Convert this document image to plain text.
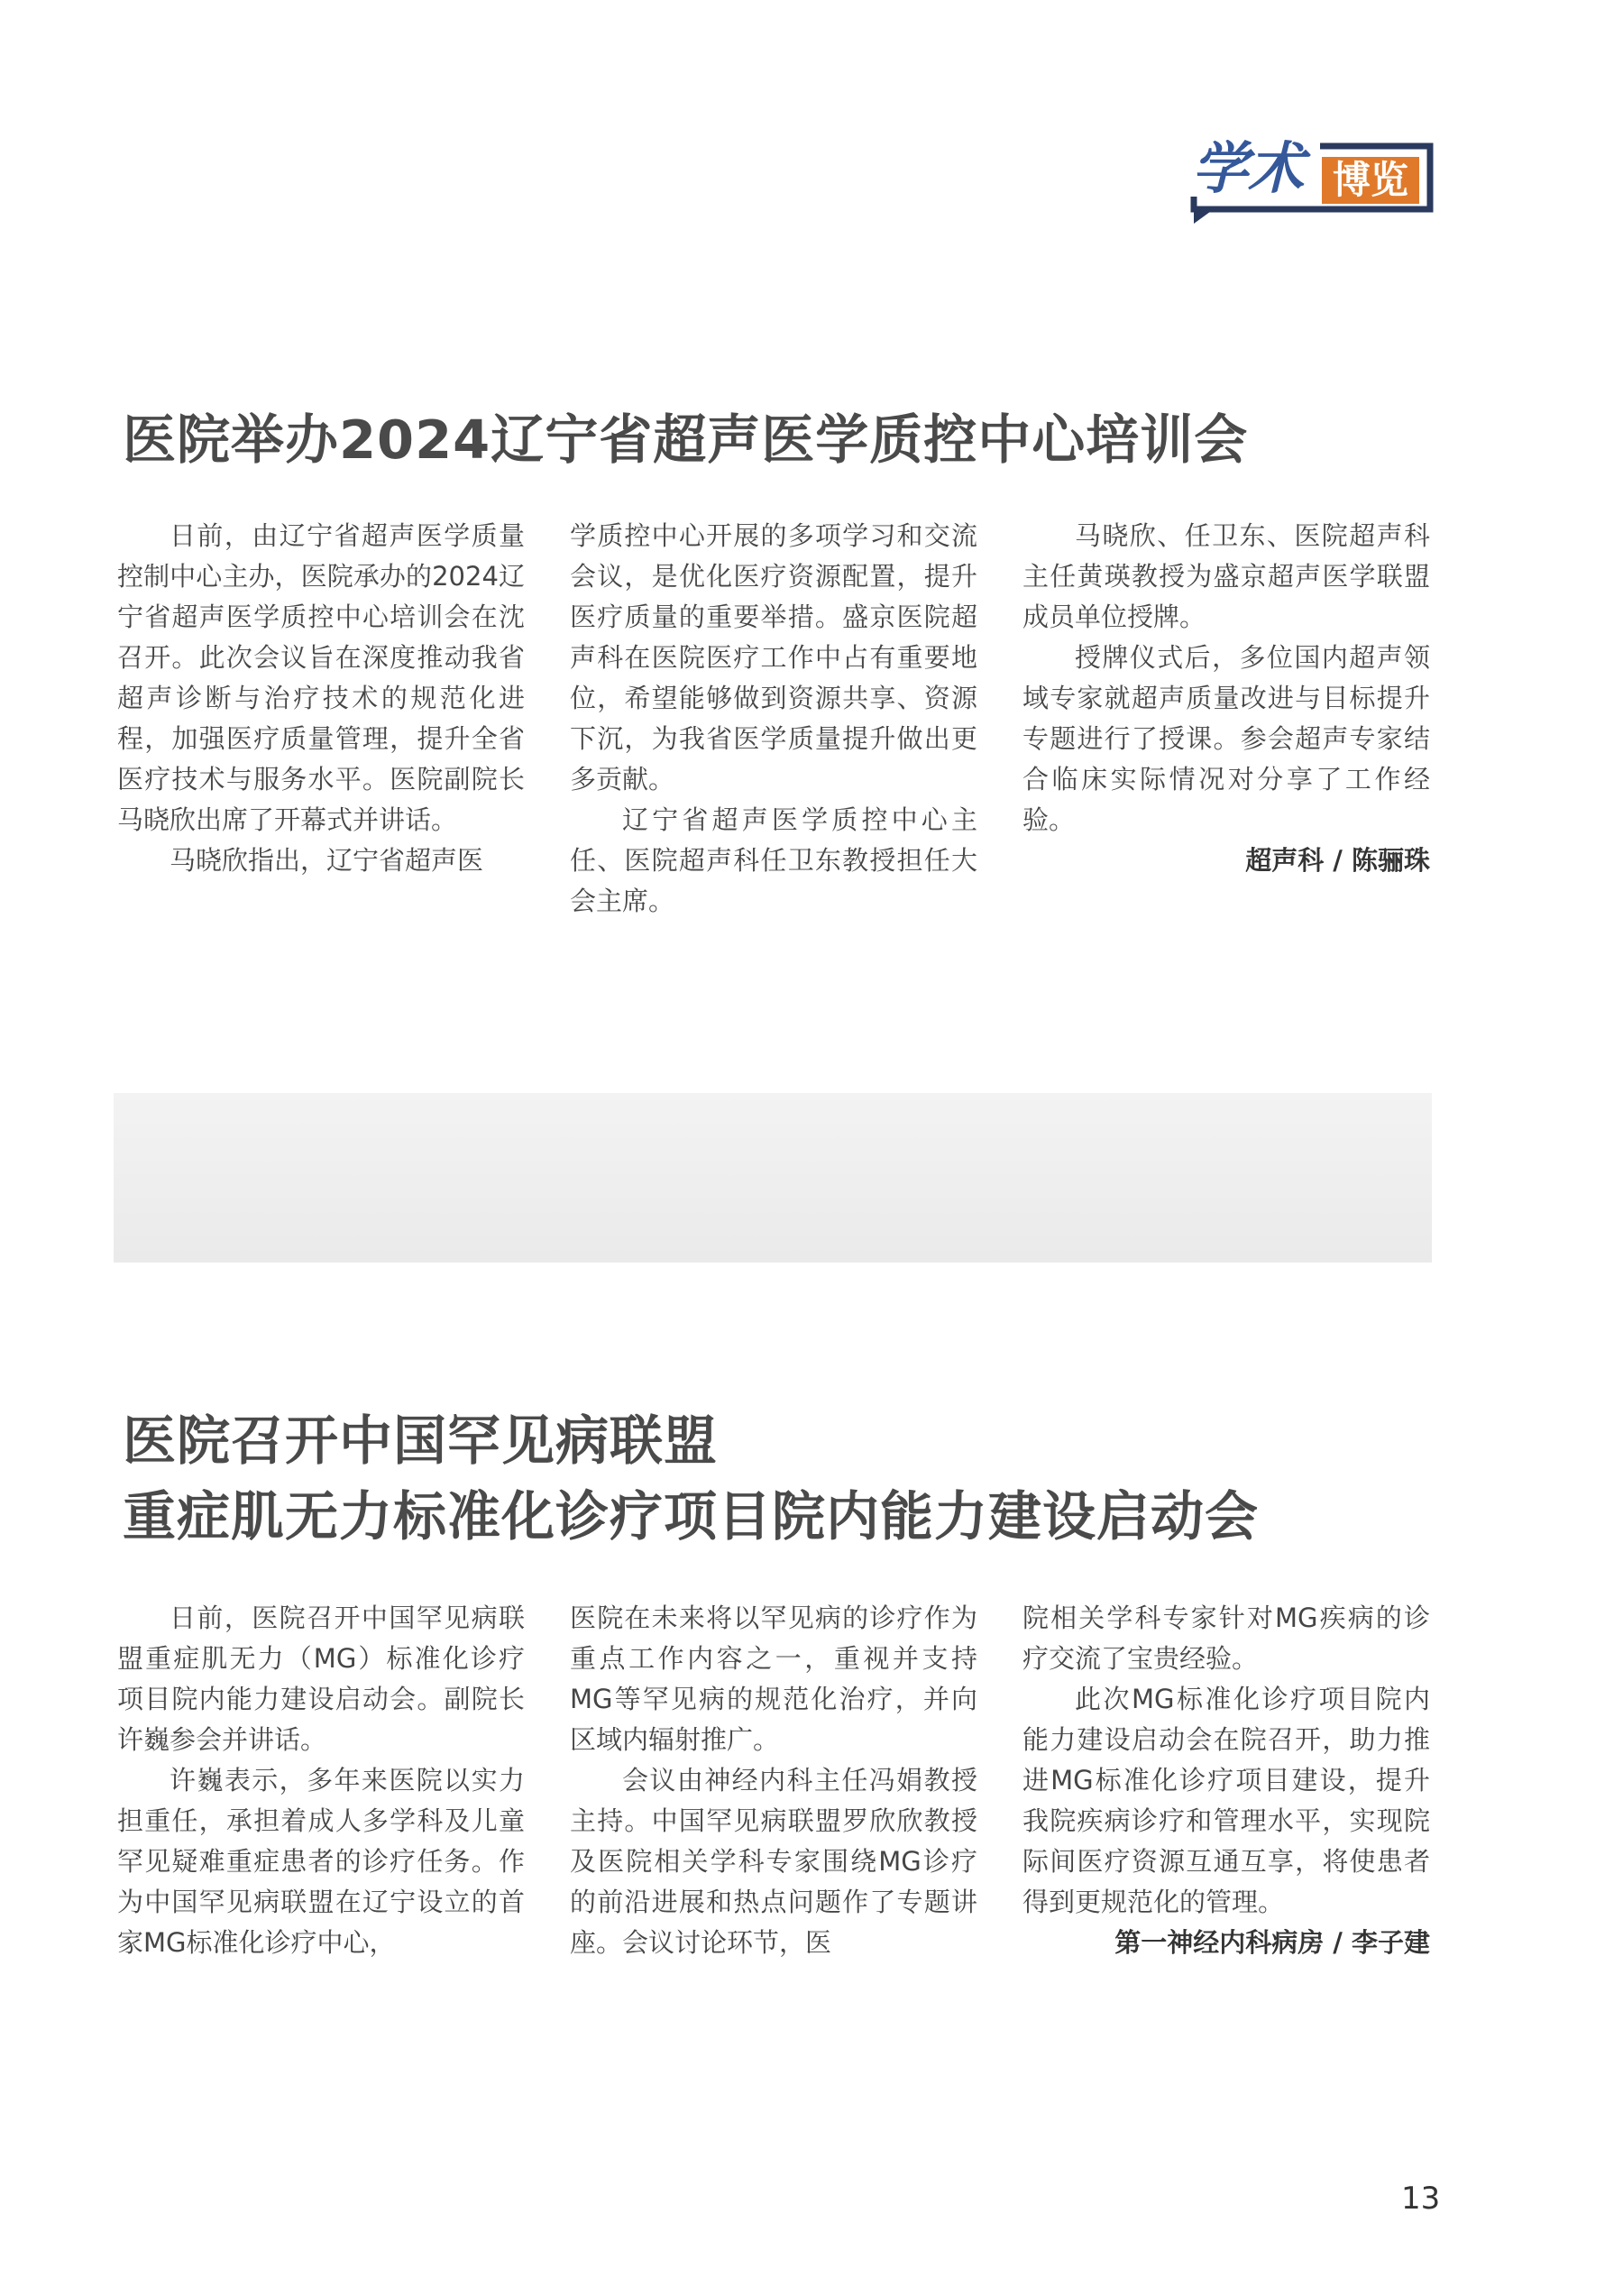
学术 博览
医院举办2024辽宁省超声医学质控中心培训会

日前，由辽宁省超声医学质量控制中心主办，医院承办的2024辽宁省超声医学质控中心培训会在沈召开。此次会议旨在深度推动我省超声诊断与治疗技术的规范化进程，加强医疗质量管理，提升全省医疗技术与服务水平。医院副院长马晓欣出席了开幕式并讲话。

马晓欣指出，辽宁省超声医

学质控中心开展的多项学习和交流会议，是优化医疗资源配置，提升医疗质量的重要举措。盛京医院超声科在医院医疗工作中占有重要地位，希望能够做到资源共享、资源下沉，为我省医学质量提升做出更多贡献。

辽宁省超声医学质控中心主任、医院超声科任卫东教授担任大会主席。

马晓欣、任卫东、医院超声科主任黄瑛教授为盛京超声医学联盟成员单位授牌。

授牌仪式后，多位国内超声领域专家就超声质量改进与目标提升专题进行了授课。参会超声专家结合临床实际情况对分享了工作经验。

超声科 / 陈骊珠

医院召开中国罕见病联盟
重症肌无力标准化诊疗项目院内能力建设启动会

日前，医院召开中国罕见病联盟重症肌无力（MG）标准化诊疗项目院内能力建设启动会。副院长许巍参会并讲话。

许巍表示，多年来医院以实力担重任，承担着成人多学科及儿童罕见疑难重症患者的诊疗任务。作为中国罕见病联盟在辽宁设立的首家MG标准化诊疗中心，

医院在未来将以罕见病的诊疗作为重点工作内容之一，重视并支持MG等罕见病的规范化治疗，并向区域内辐射推广。

会议由神经内科主任冯娟教授主持。中国罕见病联盟罗欣欣教授及医院相关学科专家围绕MG诊疗的前沿进展和热点问题作了专题讲座。会议讨论环节，医

院相关学科专家针对MG疾病的诊疗交流了宝贵经验。

此次MG标准化诊疗项目院内能力建设启动会在院召开，助力推进MG标准化诊疗项目建设，提升我院疾病诊疗和管理水平，实现院际间医疗资源互通互享，将使患者得到更规范化的管理。

第一神经内科病房 / 李子建

13
